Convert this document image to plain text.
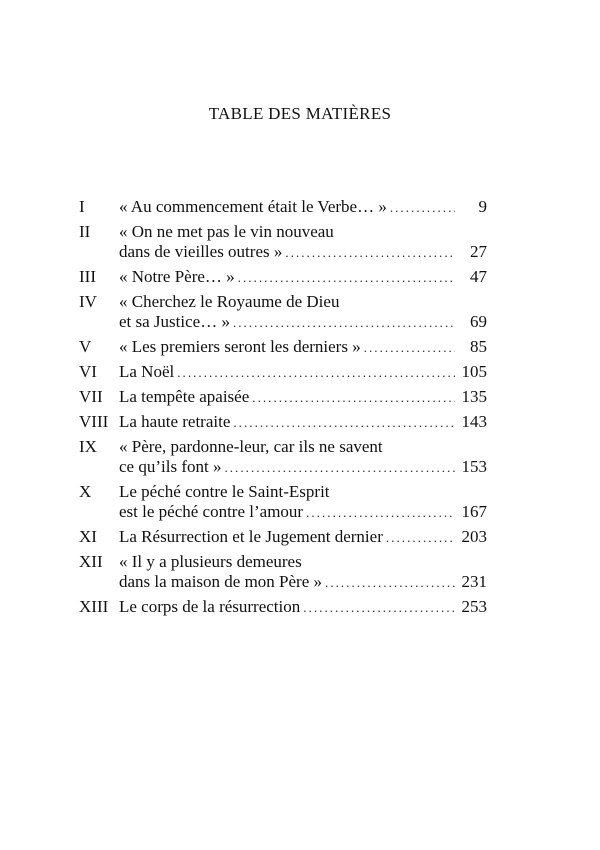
TABLE DES MATIÈRES
I	« Au commencement était le Verbe… » . . .	9
II	« On ne met pas le vin nouveau
dans de vieilles outres » . . .	27
III	« Notre Père… » . . .	47
IV	« Cherchez le Royaume de Dieu
et sa Justice… » . . .	69
V	« Les premiers seront les derniers » . . .	85
VI	La Noël . . .	105
VII La tempête apaisée . . .	135
VIII La haute retraite . . .	143
IX	« Père, pardonne-leur, car ils ne savent
ce qu’ils font » . . .	153
X	Le péché contre le Saint-Esprit
est le péché contre l’amour . . .	167
XI	La Résurrection et le Jugement dernier . . .	203
XII « Il y a plusieurs demeures
dans la maison de mon Père » . . .	231
XIII Le corps de la résurrection . . .	253
